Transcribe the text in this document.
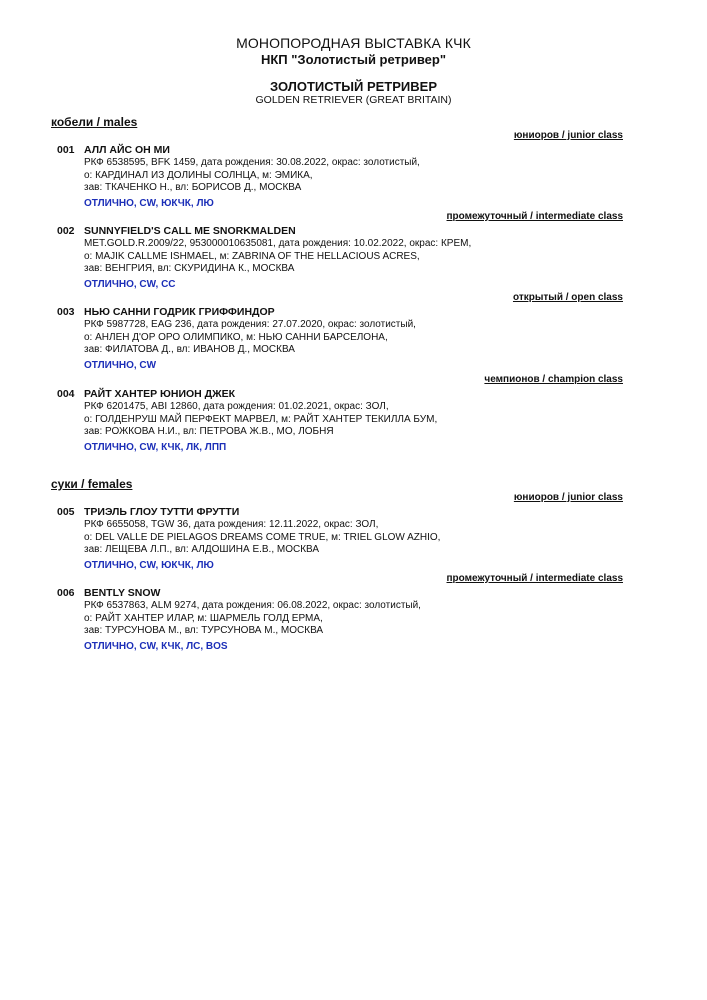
МОНОПОРОДНАЯ ВЫСТАВКА КЧК
НКП "Золотистый ретривер"
ЗОЛОТИСТЫЙ РЕТРИВЕР
GOLDEN RETRIEVER (GREAT BRITAIN)
кобели / males
юниоров / junior class
001 АЛЛ АЙС ОН МИ
РКФ 6538595, BFK 1459, дата рождения: 30.08.2022, окрас: золотистый,
о: КАРДИНАЛ ИЗ ДОЛИНЫ СОЛНЦА, м: ЭМИКА,
зав: ТКАЧЕНКО Н., вл: БОРИСОВ Д., МОСКВА
ОТЛИЧНО, CW, ЮКЧК, ЛЮ
промежуточный / intermediate class
002 SUNNYFIELD'S CALL ME SNORKMALDEN
MET.GOLD.R.2009/22, 953000010635081, дата рождения: 10.02.2022, окрас: КРЕМ,
о: MAJIK CALLME ISHMAEL, м: ZABRINA OF THE HELLACIOUS ACRES,
зав: ВЕНГРИЯ, вл: СКУРИДИНА К., МОСКВА
ОТЛИЧНО, CW, CC
открытый / open class
003 НЬЮ САННИ ГОДРИК ГРИФФИНДОР
РКФ 5987728, EAG 236, дата рождения: 27.07.2020, окрас: золотистый,
о: АНЛЕН Д'ОР ОРО ОЛИМПИКО, м: НЬЮ САННИ БАРСЕЛОНА,
зав: ФИЛАТОВА Д., вл: ИВАНОВ Д., МОСКВА
ОТЛИЧНО, CW
чемпионов / champion class
004 РАЙТ ХАНТЕР ЮНИОН ДЖЕК
РКФ 6201475, ABI 12860, дата рождения: 01.02.2021, окрас: ЗОЛ,
о: ГОЛДЕНРУШ МАЙ ПЕРФЕКТ МАРВЕЛ, м: РАЙТ ХАНТЕР ТЕКИЛЛА БУМ,
зав: РОЖКОВА Н.И., вл: ПЕТРОВА Ж.В., МО, ЛОБНЯ
ОТЛИЧНО, CW, КЧК, ЛК, ЛПП
суки / females
юниоров / junior class
005 ТРИЭЛЬ ГЛОУ ТУТТИ ФРУТТИ
РКФ 6655058, TGW 36, дата рождения: 12.11.2022, окрас: ЗОЛ,
о: DEL VALLE DE PIELAGOS DREAMS COME TRUE, м: TRIEL GLOW AZHIO,
зав: ЛЕЩЕВА Л.П., вл: АЛДОШИНА Е.В., МОСКВА
ОТЛИЧНО, CW, ЮКЧК, ЛЮ
промежуточный / intermediate class
006 BENTLY SNOW
РКФ 6537863, ALM 9274, дата рождения: 06.08.2022, окрас: золотистый,
о: РАЙТ ХАНТЕР ИЛАР, м: ШАРМЕЛЬ ГОЛД ЕРМА,
зав: ТУРСУНОВА М., вл: ТУРСУНОВА М., МОСКВА
ОТЛИЧНО, CW, КЧК, ЛС, BOS
